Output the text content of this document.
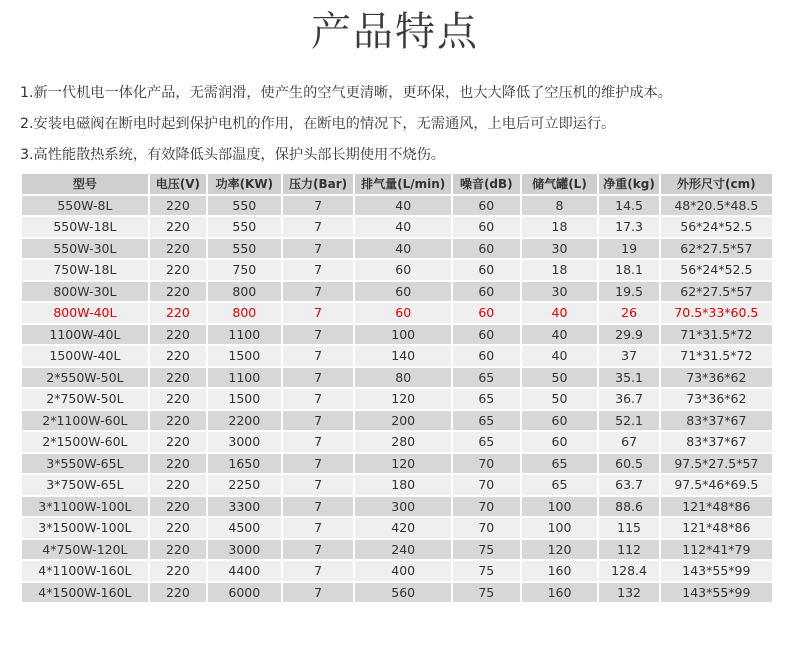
产品特点
1.新一代机电一体化产品，无需润滑，使产生的空气更清晰，更环保，也大大降低了空压机的维护成本。
2.安装电磁阀在断电时起到保护电机的作用，在断电的情况下，无需通风，上电后可立即运行。
3.高性能散热系统，有效降低头部温度，保护头部长期使用不烧伤。
型号	电压(V)	功率(KW)	压力(Bar)	排气量(L/min)	噪音(dB)	储气罐(L)	净重(kg)	外形尺寸(cm)
550W-8L	220	550	7	40	60	8	14.5	48*20.5*48.5
550W-18L	220	550	7	40	60	18	17.3	56*24*52.5
550W-30L	220	550	7	40	60	30	19	62*27.5*57
750W-18L	220	750	7	60	60	18	18.1	56*24*52.5
800W-30L	220	800	7	60	60	30	19.5	62*27.5*57
800W-40L	220	800	7	60	60	40	26	70.5*33*60.5
1100W-40L	220	1100	7	100	60	40	29.9	71*31.5*72
1500W-40L	220	1500	7	140	60	40	37	71*31.5*72
2*550W-50L	220	1100	7	80	65	50	35.1	73*36*62
2*750W-50L	220	1500	7	120	65	50	36.7	73*36*62
2*1100W-60L	220	2200	7	200	65	60	52.1	83*37*67
2*1500W-60L	220	3000	7	280	65	60	67	83*37*67
3*550W-65L	220	1650	7	120	70	65	60.5	97.5*27.5*57
3*750W-65L	220	2250	7	180	70	65	63.7	97.5*46*69.5
3*1100W-100L	220	3300	7	300	70	100	88.6	121*48*86
3*1500W-100L	220	4500	7	420	70	100	115	121*48*86
4*750W-120L	220	3000	7	240	75	120	112	112*41*79
4*1100W-160L	220	4400	7	400	75	160	128.4	143*55*99
4*1500W-160L	220	6000	7	560	75	160	132	143*55*99
